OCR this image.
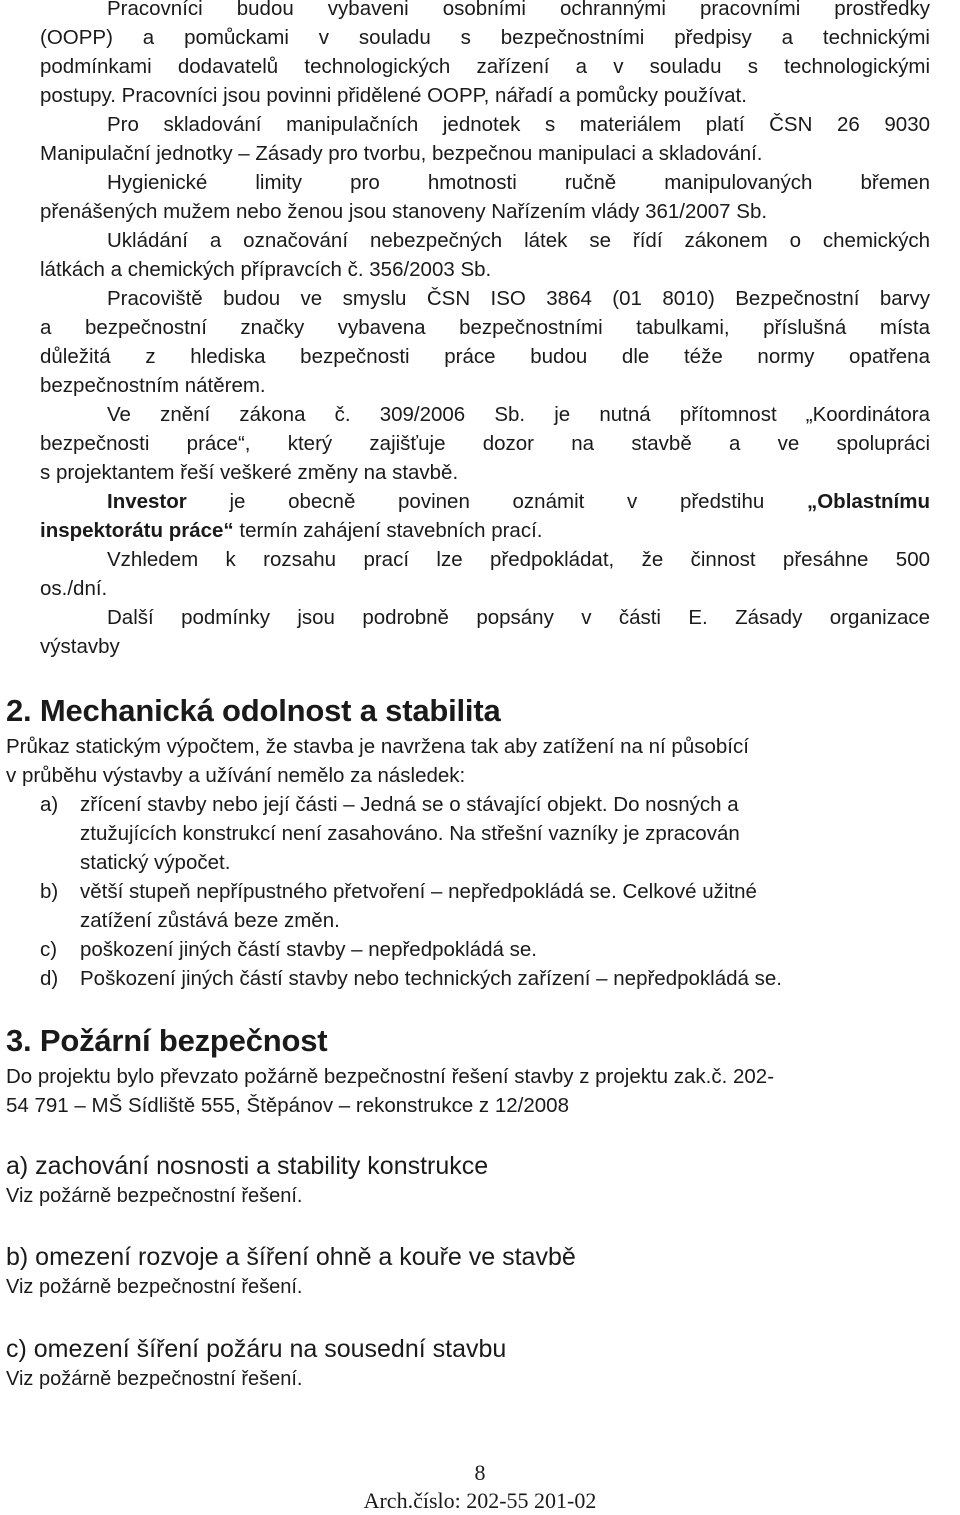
Pracovníci budou vybaveni osobními ochrannými pracovními prostředky
(OOPP) a pomůckami v souladu s bezpečnostními předpisy a technickými
podmínkami dodavatelů technologických zařízení a v souladu s technologickými
postupy. Pracovníci jsou povinni přidělené OOPP, nářadí a pomůcky používat.
Pro skladování manipulačních jednotek s materiálem platí ČSN 26 9030
Manipulační jednotky – Zásady pro tvorbu, bezpečnou manipulaci a skladování.
Hygienické limity pro hmotnosti ručně manipulovaných břemen
přenášených mužem nebo ženou jsou stanoveny Nařízením vlády 361/2007 Sb.
Ukládání a označování nebezpečných látek se řídí zákonem o chemických
látkách a chemických přípravcích č. 356/2003 Sb.
Pracoviště budou ve smyslu ČSN ISO 3864 (01 8010) Bezpečnostní barvy
a bezpečnostní značky vybavena bezpečnostními tabulkami, příslušná místa
důležitá z hlediska bezpečnosti práce budou dle téže normy opatřena
bezpečnostním nátěrem.
Ve znění zákona č. 309/2006 Sb. je nutná přítomnost „Koordinátora
bezpečnosti práce“, který zajišťuje dozor na stavbě a ve spolupráci
s projektantem řeší veškeré změny na stavbě.
Investor je obecně povinen oznámit v předstihu „Oblastnímu
inspektorátu práce“ termín zahájení stavebních prací.
Vzhledem k rozsahu prací lze předpokládat, že činnost přesáhne 500
os./dní.
Další podmínky jsou podrobně popsány v části E. Zásady organizace
výstavby
2. Mechanická odolnost a stabilita
Průkaz statickým výpočtem, že stavba je navržena tak aby zatížení na ní působící
v průběhu výstavby a užívání nemělo za následek:
a) zřícení stavby nebo její části – Jedná se o stávající objekt. Do nosných a
ztužujících konstrukcí není zasahováno. Na střešní vazníky je zpracován
statický výpočet.
b) větší stupeň nepřípustného přetvoření – nepředpokládá se. Celkové užitné
zatížení zůstává beze změn.
c) poškození jiných částí stavby – nepředpokládá se.
d) Poškození jiných částí stavby nebo technických zařízení – nepředpokládá se.
3. Požární bezpečnost
Do projektu bylo převzato požárně bezpečnostní řešení stavby z projektu zak.č. 202-
54 791 – MŠ Sídliště 555, Štěpánov – rekonstrukce z 12/2008
a) zachování nosnosti a stability konstrukce
Viz požárně bezpečnostní řešení.
b) omezení rozvoje a šíření ohně a kouře ve stavbě
Viz požárně bezpečnostní řešení.
c) omezení šíření požáru na sousední stavbu
Viz požárně bezpečnostní řešení.
8
Arch.číslo: 202-55 201-02
